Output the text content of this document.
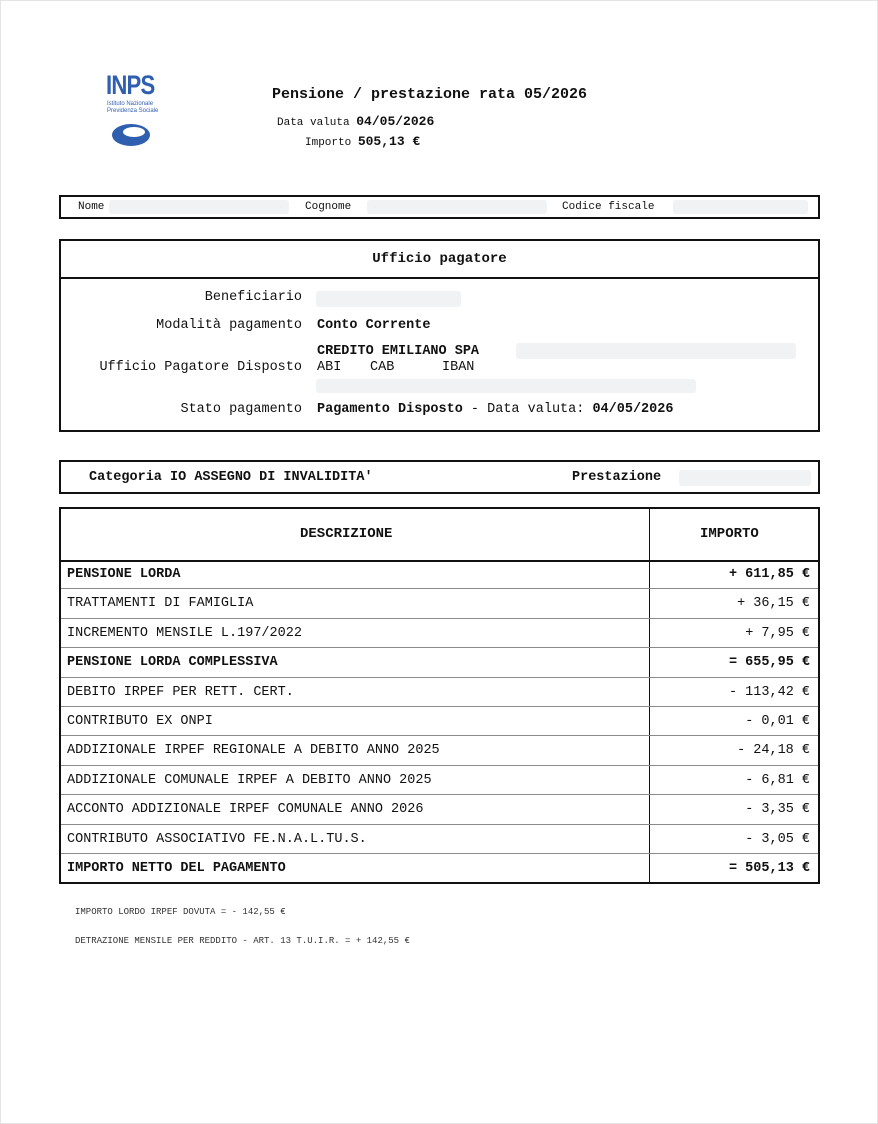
INPS
Istituto Nazionale Previdenza Sociale
Pensione / prestazione rata 05/2026
Data valuta 04/05/2026
Importo 505,13 €
Nome	Cognome	Codice fiscale
Ufficio pagatore
Beneficiario
Modalità pagamento Conto Corrente
CREDITO EMILIANO SPA
Ufficio Pagatore Disposto ABI CAB	IBAN
Stato pagamento Pagamento Disposto - Data valuta: 04/05/2026
Categoria IO ASSEGNO DI INVALIDITA'	Prestazione
DESCRIZIONE	IMPORTO
PENSIONE LORDA	+ 611,85 €
TRATTAMENTI DI FAMIGLIA	+ 36,15 €
INCREMENTO MENSILE L.197/2022	+ 7,95 €
PENSIONE LORDA COMPLESSIVA	= 655,95 €
DEBITO IRPEF PER RETT. CERT.	- 113,42 €
CONTRIBUTO EX ONPI	- 0,01 €
ADDIZIONALE IRPEF REGIONALE A DEBITO ANNO 2025	- 24,18 €
ADDIZIONALE COMUNALE IRPEF A DEBITO ANNO 2025	- 6,81 €
ACCONTO ADDIZIONALE IRPEF COMUNALE ANNO 2026	- 3,35 €
CONTRIBUTO ASSOCIATIVO FE.N.A.L.TU.S.	- 3,05 €
IMPORTO NETTO DEL PAGAMENTO	= 505,13 €
IMPORTO LORDO IRPEF DOVUTA = - 142,55 €
DETRAZIONE MENSILE PER REDDITO - ART. 13 T.U.I.R. = + 142,55 €
